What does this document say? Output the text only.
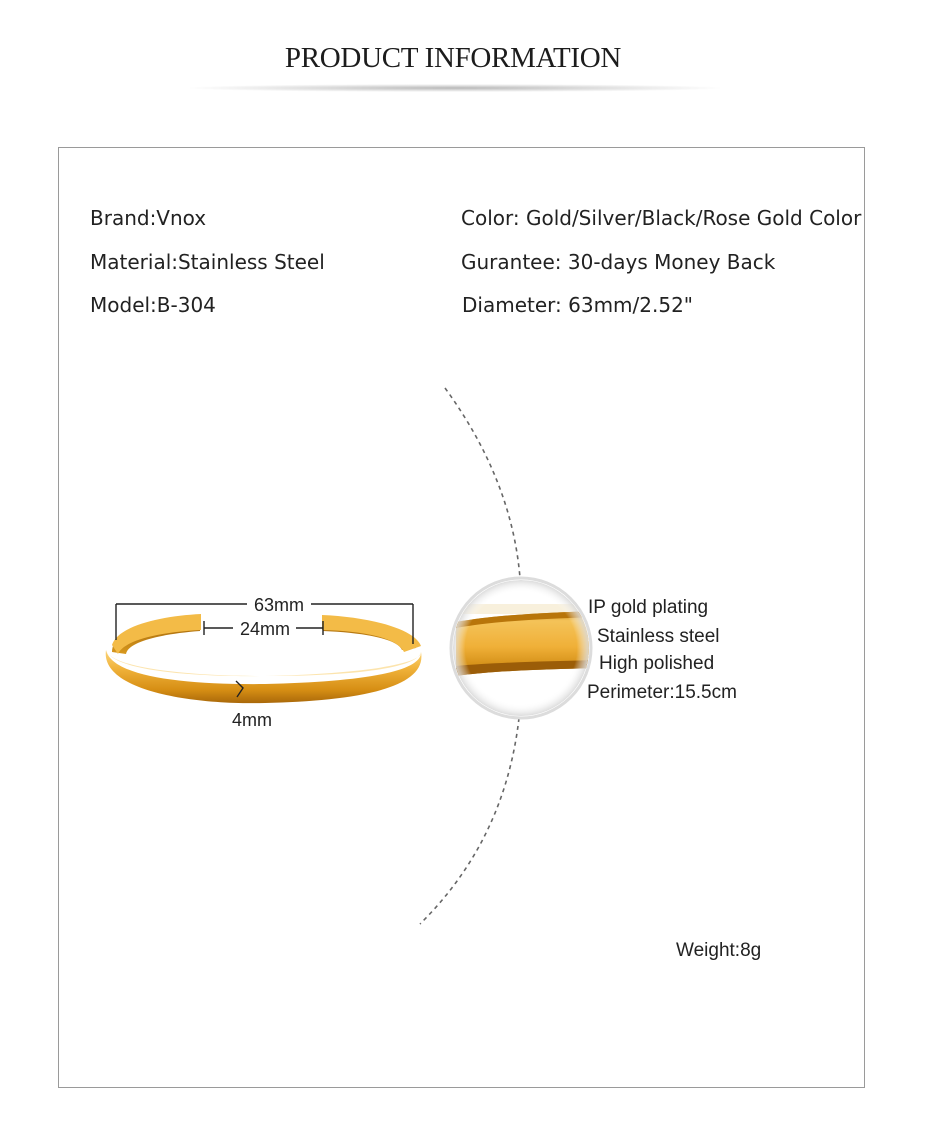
PRODUCT INFORMATION
Brand:Vnox
Material:Stainless Steel
Model:B-304
Color: Gold/Silver/Black/Rose Gold Color
Gurantee: 30-days Money Back
Diameter: 63mm/2.52"
63mm
24mm
4mm
IP gold plating
Stainless steel
High polished
Perimeter:15.5cm
Weight:8g
